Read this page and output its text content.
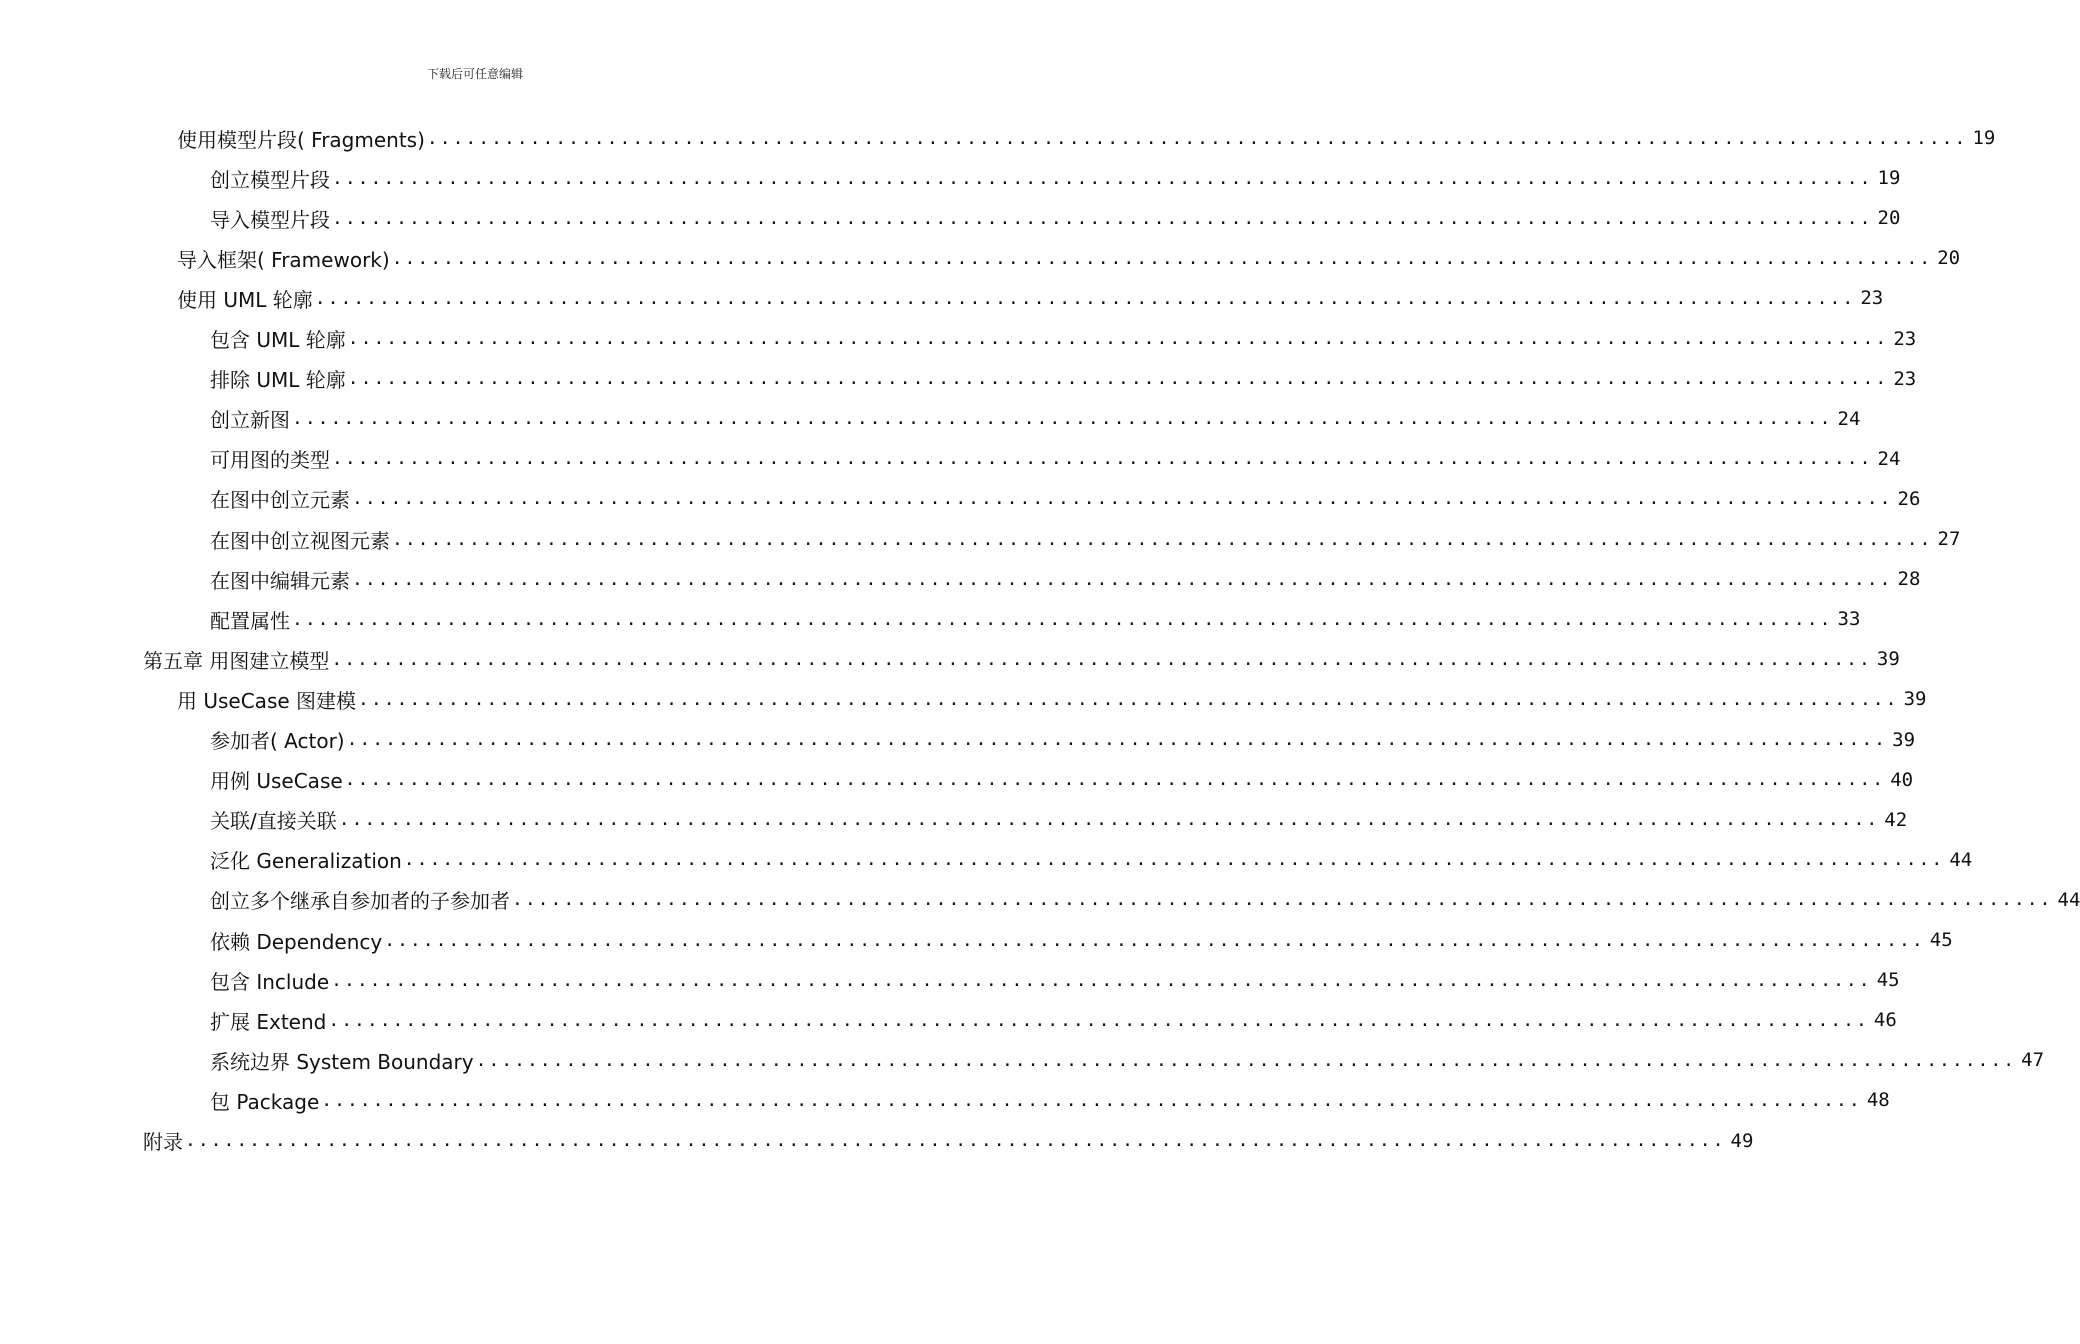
下载后可任意编辑
使用模型片段( Fragments) ........................................................................................................................ 19
创立模型片段 ........................................................................................................................ 19
导入模型片段 ........................................................................................................................ 20
导入框架( Framework) ........................................................................................................................ 20
使用 UML 轮廓 ........................................................................................................................ 23
包含 UML 轮廓 ........................................................................................................................ 23
排除 UML 轮廓 ........................................................................................................................ 23
创立新图 ........................................................................................................................ 24
可用图的类型 ........................................................................................................................ 24
在图中创立元素 ........................................................................................................................ 26
在图中创立视图元素 ........................................................................................................................ 27
在图中编辑元素 ........................................................................................................................ 28
配置属性 ........................................................................................................................ 33
第五章 用图建立模型 ........................................................................................................................ 39
用 UseCase 图建模 ........................................................................................................................ 39
参加者( Actor) ........................................................................................................................ 39
用例 UseCase ........................................................................................................................ 40
关联/直接关联 ........................................................................................................................ 42
泛化 Generalization ........................................................................................................................ 44
创立多个继承自参加者的子参加者 ........................................................................................................................ 44
依赖 Dependency ........................................................................................................................ 45
包含 Include ........................................................................................................................ 45
扩展 Extend ........................................................................................................................ 46
系统边界 System Boundary ........................................................................................................................ 47
包 Package ........................................................................................................................ 48
附录 ........................................................................................................................ 49
